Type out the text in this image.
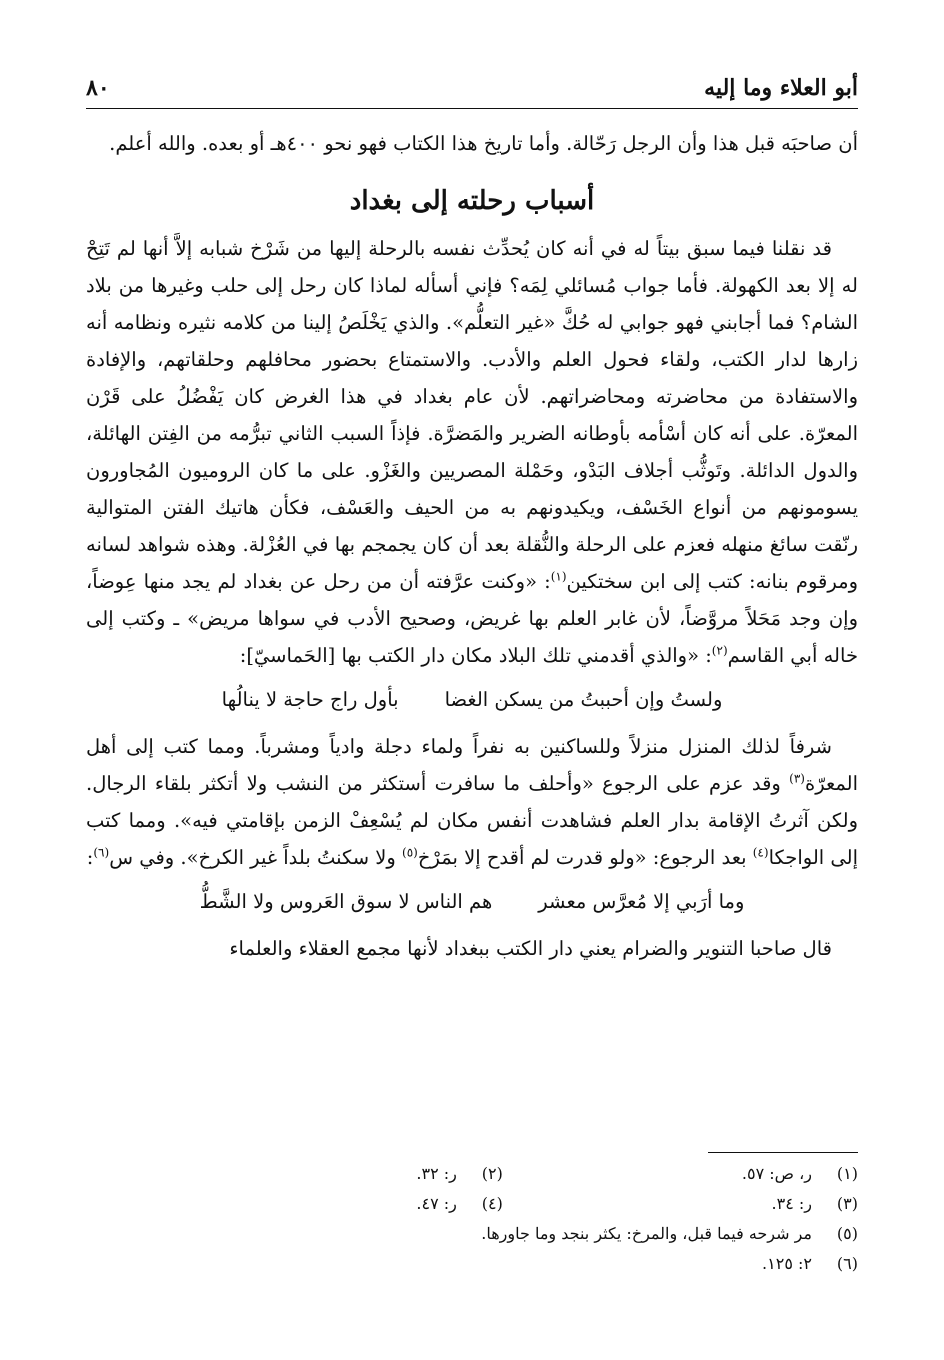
أبو العلاء وما إليه
٨٠

أن صاحبَه قبل هذا وأن الرجل رَحّالة. وأما تاريخ هذا الكتاب فهو نحو ٤٠٠هـ أو بعده. والله أعلم.

أسباب رحلته إلى بغداد

قد نقلنا فيما سبق بيتاً له في أنه كان يُحدِّث نفسه بالرحلة إليها من شَرْخ شبابه إلاَّ أنها لم تَتِحْ له إلا بعد الكهولة. فأما جواب مُسائلي لِمَه؟ فإني أسأله لماذا كان رحل إلى حلب وغيرها من بلاد الشام؟ فما أجابني فهو جوابي له حُكَّ «غير التعلُّم». والذي يَخْلَصُ إلينا من كلامه نثيره ونظامه أنه زارها لدار الكتب، ولقاء فحول العلم والأدب. والاستمتاع بحضور محافلهم وحلقاتهم، والإفادة والاستفادة من محاضرته ومحاضراتهم. لأن عام بغداد في هذا الغرض كان يَفْضُلُ على قَرْن المعرّة. على أنه كان أسْأمه بأوطانه الضرير والمَضرَّة. فإذاً السبب الثاني تبرُّمه من الفِتن الهائلة، والدول الدائلة. وتَوثُّب أجلاف البَدْو، وحَمْلة المصريين والغَزْو. على ما كان الروميون المُجاورون يسومونهم من أنواع الخَسْف، ويكيدونهم به من الحيف والعَسْف، فكأن هاتيك الفتن المتوالية رنّقت سائغ منهله فعزم على الرحلة والنُّقلة بعد أن كان يجمجم بها في العُزْلة. وهذه شواهد لسانه ومرقوم بنانه: كتب إلى ابن سختكين$^{(١)}$: «وكنت عرَّفته أن من رحل عن بغداد لم يجد منها عِوضاً، وإن وجد مَحَلاً مروَّضاً، لأن غابر العلم بها غريض، وصحيح الأدب في سواها مريض» ـ وكتب إلى خاله أبي القاسم$^{(٢)}$: «والذي أقدمني تلك البلاد مكان دار الكتب بها [الحَماسيّ]:

ولستُ وإن أحببتُ من يسكن الغضا
بأول راج حاجة لا ينالُها

شرفاً لذلك المنزل منزلاً وللساكنين به نفراً ولماء دجلة وادياً ومشرباً. ومما كتب إلى أهل المعرّة$^{(٣)}$ وقد عزم على الرجوع «وأحلف ما سافرت أستكثر من النشب ولا أتكثر بلقاء الرجال. ولكن آثرتُ الإقامة بدار العلم فشاهدت أنفس مكان لم يُسْعِفْ الزمن بإقامتي فيه». ومما كتب إلى الواجكا$^{(٤)}$ بعد الرجوع: «ولو قدرت لم أقدح إلا بمَرْخ$^{(٥)}$ ولا سكنتُ بلداً غير الكرخ». وفي س$^{(٦)}$:

وما أرَبي إلا مُعرَّس معشر
هم الناس لا سوق العَروس ولا الشَّطُّ

قال صاحبا التنوير والضرام يعني دار الكتب ببغداد لأنها مجمع العقلاء والعلماء

(١)
ر، ص: ٥٧.
(٢)
ر: ٣٢.
(٣)
ر: ٣٤.
(٤)
ر: ٤٧.
(٥)
مر شرحه فيما قبل، والمرخ: يكثر بنجد وما جاورها.
(٦)
٢: ١٢٥.
